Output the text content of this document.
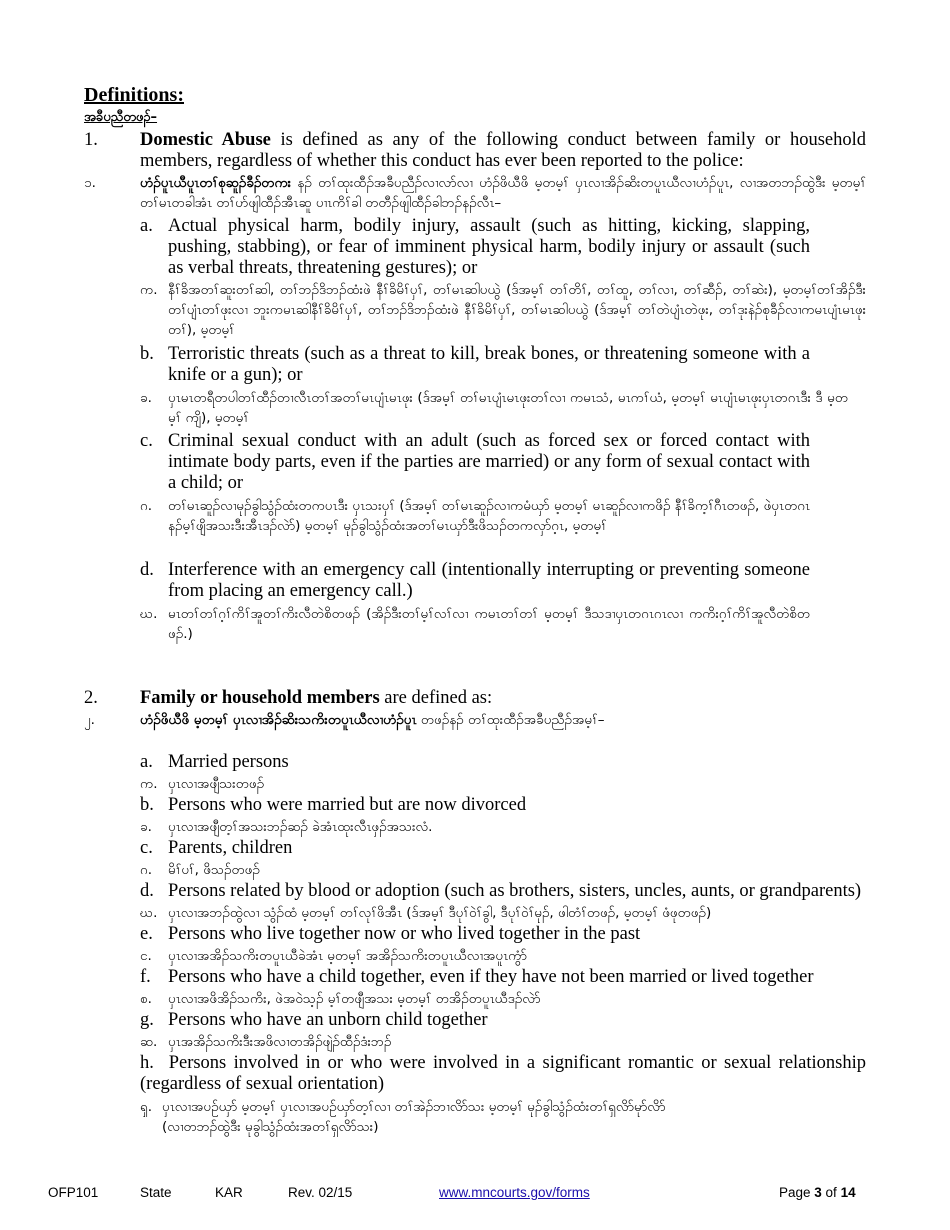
Definitions:
အခီပညီတဖၣ်–
1. Domestic Abuse is defined as any of the following conduct between family or household members, regardless of whether this conduct has ever been reported to the police:
၁.	ဟံၣ်ပူၤယီပူၤတၢ်စုဆူၣ်ခီၣ်တကး နၣ် တၢ်ထုးထီၣ်အခီပညီၣ်လၢလာ်လၢ ဟံၣ်ဖိယီဖိ မ့တမ့ၢ် ပှၤလၢအိၣ်ဆိးတပူၤယီလၢဟံၣ်ပူၤ, လၢအတဘၣ်ထွဲဒီး မ့တမ့ၢ် တၢ်မၤတခါအံၤ တၢ်ဟ်ဖျါထီၣ်အီၤဆူ ပၢၤကိၢ်ခါ တတီၣ်ဖျါထီၣ်ခါဘၣ်နၣ်လီၤ–
a. Actual physical harm, bodily injury, assault (such as hitting, kicking, slapping, pushing, stabbing), or fear of imminent physical harm, bodily injury or assault (such as verbal threats, threatening gestures); or
က. နီၢ်ခိအတၢ်ဆူးတၢ်ဆါ, တၢ်ဘၣ်ဒိဘၣ်ထံးဖဲ နီၢ်ခိမိၢ်ပှၢ်, တၢ်မၤဆါပယွဲ (ဒ်အမ့ၢ် တၢ်တိၢ်, တၢ်ထူ, တၢ်လၢ, တၢ်ဆီၣ်, တၢ်ဆဲး), မ့တမ့ၢ်တၢ်အိၣ်ဒီးတၢ်ပျံၤတၢ်ဖုးလၢ ဘူးကမၤဆါနီၢ်ခိမိၢ်ပှၢ်, တၢ်ဘၣ်ဒိဘၣ်ထံးဖဲ နီၢ်ခိမိၢ်ပှၢ်, တၢ်မၤဆါပယွဲ (ဒ်အမ့ၢ် တၢ်တဲပျံၤတဲဖုး, တၢ်ဒုးနဲၣ်စုခီၣ်လၢကမၤပျံၤမၤဖုးတၢ်), မ့တမ့ၢ်
b. Terroristic threats (such as a threat to kill, break bones, or threatening someone with a knife or a gun); or
ခ. ပှၤမၤတရီတပါတၢ်ထီၣ်တၢလီၤတၢ်အတၢ်မၤပျံၤမၤဖုး (ဒ်အမ့ၢ် တၢ်မၤပျံၤမၤဖုးတၢ်လၢ ကမၤသံ, မၤကၢ်ယံ, မ့တမ့ၢ် မၤပျံၤမၤဖုးပှၤတဂၤဒီး ဒီ မ့တမ့ၢ် ကျိ), မ့တမ့ၢ်
c. Criminal sexual conduct with an adult (such as forced sex or forced contact with intimate body parts, even if the parties are married) or any form of sexual contact with a child; or
ဂ. တၢ်မၤဆူၣ်လၢမုၣ်ခွါသွံၣ်ထံးတကပၤဒီး ပှၤသးပှၢ် (ဒ်အမ့ၢ် တၢ်မၤဆူၣ်လၢကမံယှာ် မ့တမ့ၢ် မၤဆူၣ်လၢကဖိၣ် နီၢ်ခိက့ၢ်ဂီၤတဖၣ်, ဖဲပှၤတဂၤနၣ်မ့ၢ်ဖျိအသးဒီးအီၤဒၣ်လဲာ်) မ့တမ့ၢ် မုၣ်ခွါသွံၣ်ထံးအတၢ်မၤယှာ်ဒီးဖိသၣ်တကလှာ်ဂ့ၤ, မ့တမ့ၢ်
d. Interference with an emergency call (intentionally interrupting or preventing someone from placing an emergency call.)
ဃ. မၤတၢ်တၢ်ဂ့ၢ်ကိၢ်အူတၢ်ကိးလီတဲစိတဖၣ် (အိၣ်ဒီးတၢ်မ့ၢ်လၢ်လၢ ကမၤတၢ်တၢ် မ့တမ့ၢ် ဒီသဒၢပှၤတဂၤဂၤလၢ ကကိးဂ့ၢ်ကိၢ်အူလီတဲစိတဖၣ်.)
2. Family or household members are defined as:
၂.	ဟံၣ်ဖိယီဖိ မ့တမ့ၢ် ပှၤလၢအိၣ်ဆိးသကိးတပူၤယီလၢဟံၣ်ပူၤ တဖၣ်နၣ် တၢ်ထုးထီၣ်အခီပညီၣ်အမ့ၢ်–
a. Married persons
က. ပှၤလၢအဖျီသးတဖၣ်
b. Persons who were married but are now divorced
ခ. ပှၤလၢအဖျီတ့ၢ်အသးဘၣ်ဆၣ် ခဲအံၤထုးလီၤဖှၣ်အသးလံ.
c. Parents, children
ဂ. မိၢ်ပၢ်, ဖိသၣ်တဖၣ်
d. Persons related by blood or adoption (such as brothers, sisters, uncles, aunts, or grandparents)
ဃ. ပှၤလၢအဘၣ်ထွဲလၢ သွံၣ်ထံ မ့တမ့ၢ် တၢ်လုၢ်ဖိအီၤ (ဒ်အမ့ၢ် ဒီပုၢ်ဝဲၢ်ခွါ, ဒီပုၢ်ဝဲၢ်မုၣ်, ဖါတံၢ်တဖၣ်, မ့တမ့ၢ် ဖံဖုတဖၣ်)
e. Persons who live together now or who lived together in the past
င. ပှၤလၢအအိၣ်သကိးတပူၤယီခဲအံၤ မ့တမ့ၢ် အအိၣ်သကိးတပူၤယီလၢအပူၤကွံာ်
f. Persons who have a child together, even if they have not been married or lived together
စ. ပှၤလၢအဖိအိၣ်သကိး, ဖဲအဝဲသ့ၣ် မ့ၢ်တဖျီအသး မ့တမ့ၢ် တအိၣ်တပူၤယီဒၣ်လဲာ်
g. Persons who have an unborn child together
ဆ. ပှၤအအိၣ်သကိးဒီးအဖိလၢတအိၣ်ဖျဲၣ်ထီၣ်ဒံးဘၣ်
h. Persons involved in or who were involved in a significant romantic or sexual relationship (regardless of sexual orientation)
ၡ. ပှၤလၢအပဉ်ယှာ် မ့တမ့ၢ် ပှၤလၢအပဉ်ယှာ်တ့ၢ်လၢ တၢ်အဲၣ်ဘၢလိာ်သး မ့တမ့ၢ် မုၣ်ခွါသွံၣ်ထံးတၢ်ရှလိာ်မုာ်လိာ်
(လၢတဘၣ်ထွဲဒီး မုခွါသွံၣ်ထံးအတၢ်ရှလိာ်သး)
OFP101	State	KAR	Rev. 02/15	www.mncourts.gov/forms	Page 3 of 14
